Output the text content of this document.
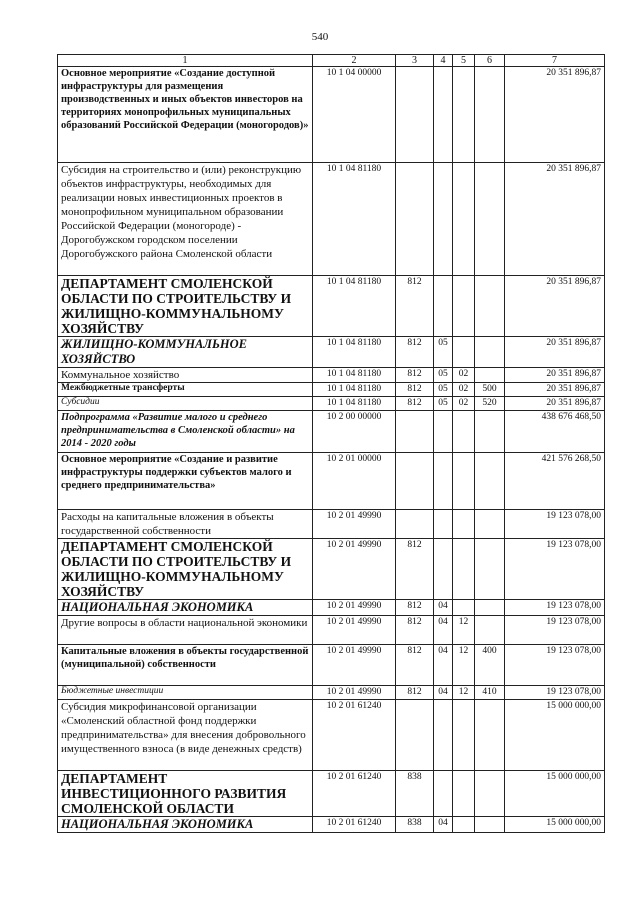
540
1	2	3	4	5	6	7
Основное мероприятие «Создание доступной инфраструктуры для размещения производственных и иных объектов инвесторов на территориях монопрофильных муниципальных образований Российской Федерации (моногородов)»	10 1 04 00000					20 351 896,87
Субсидия на строительство и (или) реконструкцию объектов инфраструктуры, необходимых для реализации новых инвестиционных проектов в монопрофильном муниципальном образовании Российской Федерации (моногороде) - Дорогобужском городском поселении Дорогобужского района Смоленской области	10 1 04 81180					20 351 896,87
ДЕПАРТАМЕНТ СМОЛЕНСКОЙ ОБЛАСТИ ПО СТРОИТЕЛЬСТВУ И ЖИЛИЩНО-КОММУНАЛЬНОМУ ХОЗЯЙСТВУ	10 1 04 81180	812				20 351 896,87
ЖИЛИЩНО-КОММУНАЛЬНОЕ ХОЗЯЙСТВО	10 1 04 81180	812	05			20 351 896,87
Коммунальное хозяйство	10 1 04 81180	812	05	02		20 351 896,87
Межбюджетные трансферты	10 1 04 81180	812	05	02	500	20 351 896,87
Субсидии	10 1 04 81180	812	05	02	520	20 351 896,87
Подпрограмма «Развитие малого и среднего предпринимательства в Смоленской области» на 2014 - 2020 годы	10 2 00 00000					438 676 468,50
Основное мероприятие «Создание и развитие инфраструктуры поддержки субъектов малого и среднего предпринимательства»	10 2 01 00000					421 576 268,50
Расходы на капитальные вложения в объекты государственной собственности	10 2 01 49990					19 123 078,00
ДЕПАРТАМЕНТ СМОЛЕНСКОЙ ОБЛАСТИ ПО СТРОИТЕЛЬСТВУ И ЖИЛИЩНО-КОММУНАЛЬНОМУ ХОЗЯЙСТВУ	10 2 01 49990	812				19 123 078,00
НАЦИОНАЛЬНАЯ ЭКОНОМИКА	10 2 01 49990	812	04			19 123 078,00
Другие вопросы в области национальной экономики	10 2 01 49990	812	04	12		19 123 078,00
Капитальные вложения в объекты государственной (муниципальной) собственности	10 2 01 49990	812	04	12	400	19 123 078,00
Бюджетные инвестиции	10 2 01 49990	812	04	12	410	19 123 078,00
Субсидия микрофинансовой организации «Смоленский областной фонд поддержки предпринимательства» для внесения добровольного имущественного взноса (в виде денежных средств)	10 2 01 61240					15 000 000,00
ДЕПАРТАМЕНТ ИНВЕСТИЦИОННОГО РАЗВИТИЯ СМОЛЕНСКОЙ ОБЛАСТИ	10 2 01 61240	838				15 000 000,00
НАЦИОНАЛЬНАЯ ЭКОНОМИКА	10 2 01 61240	838	04			15 000 000,00
